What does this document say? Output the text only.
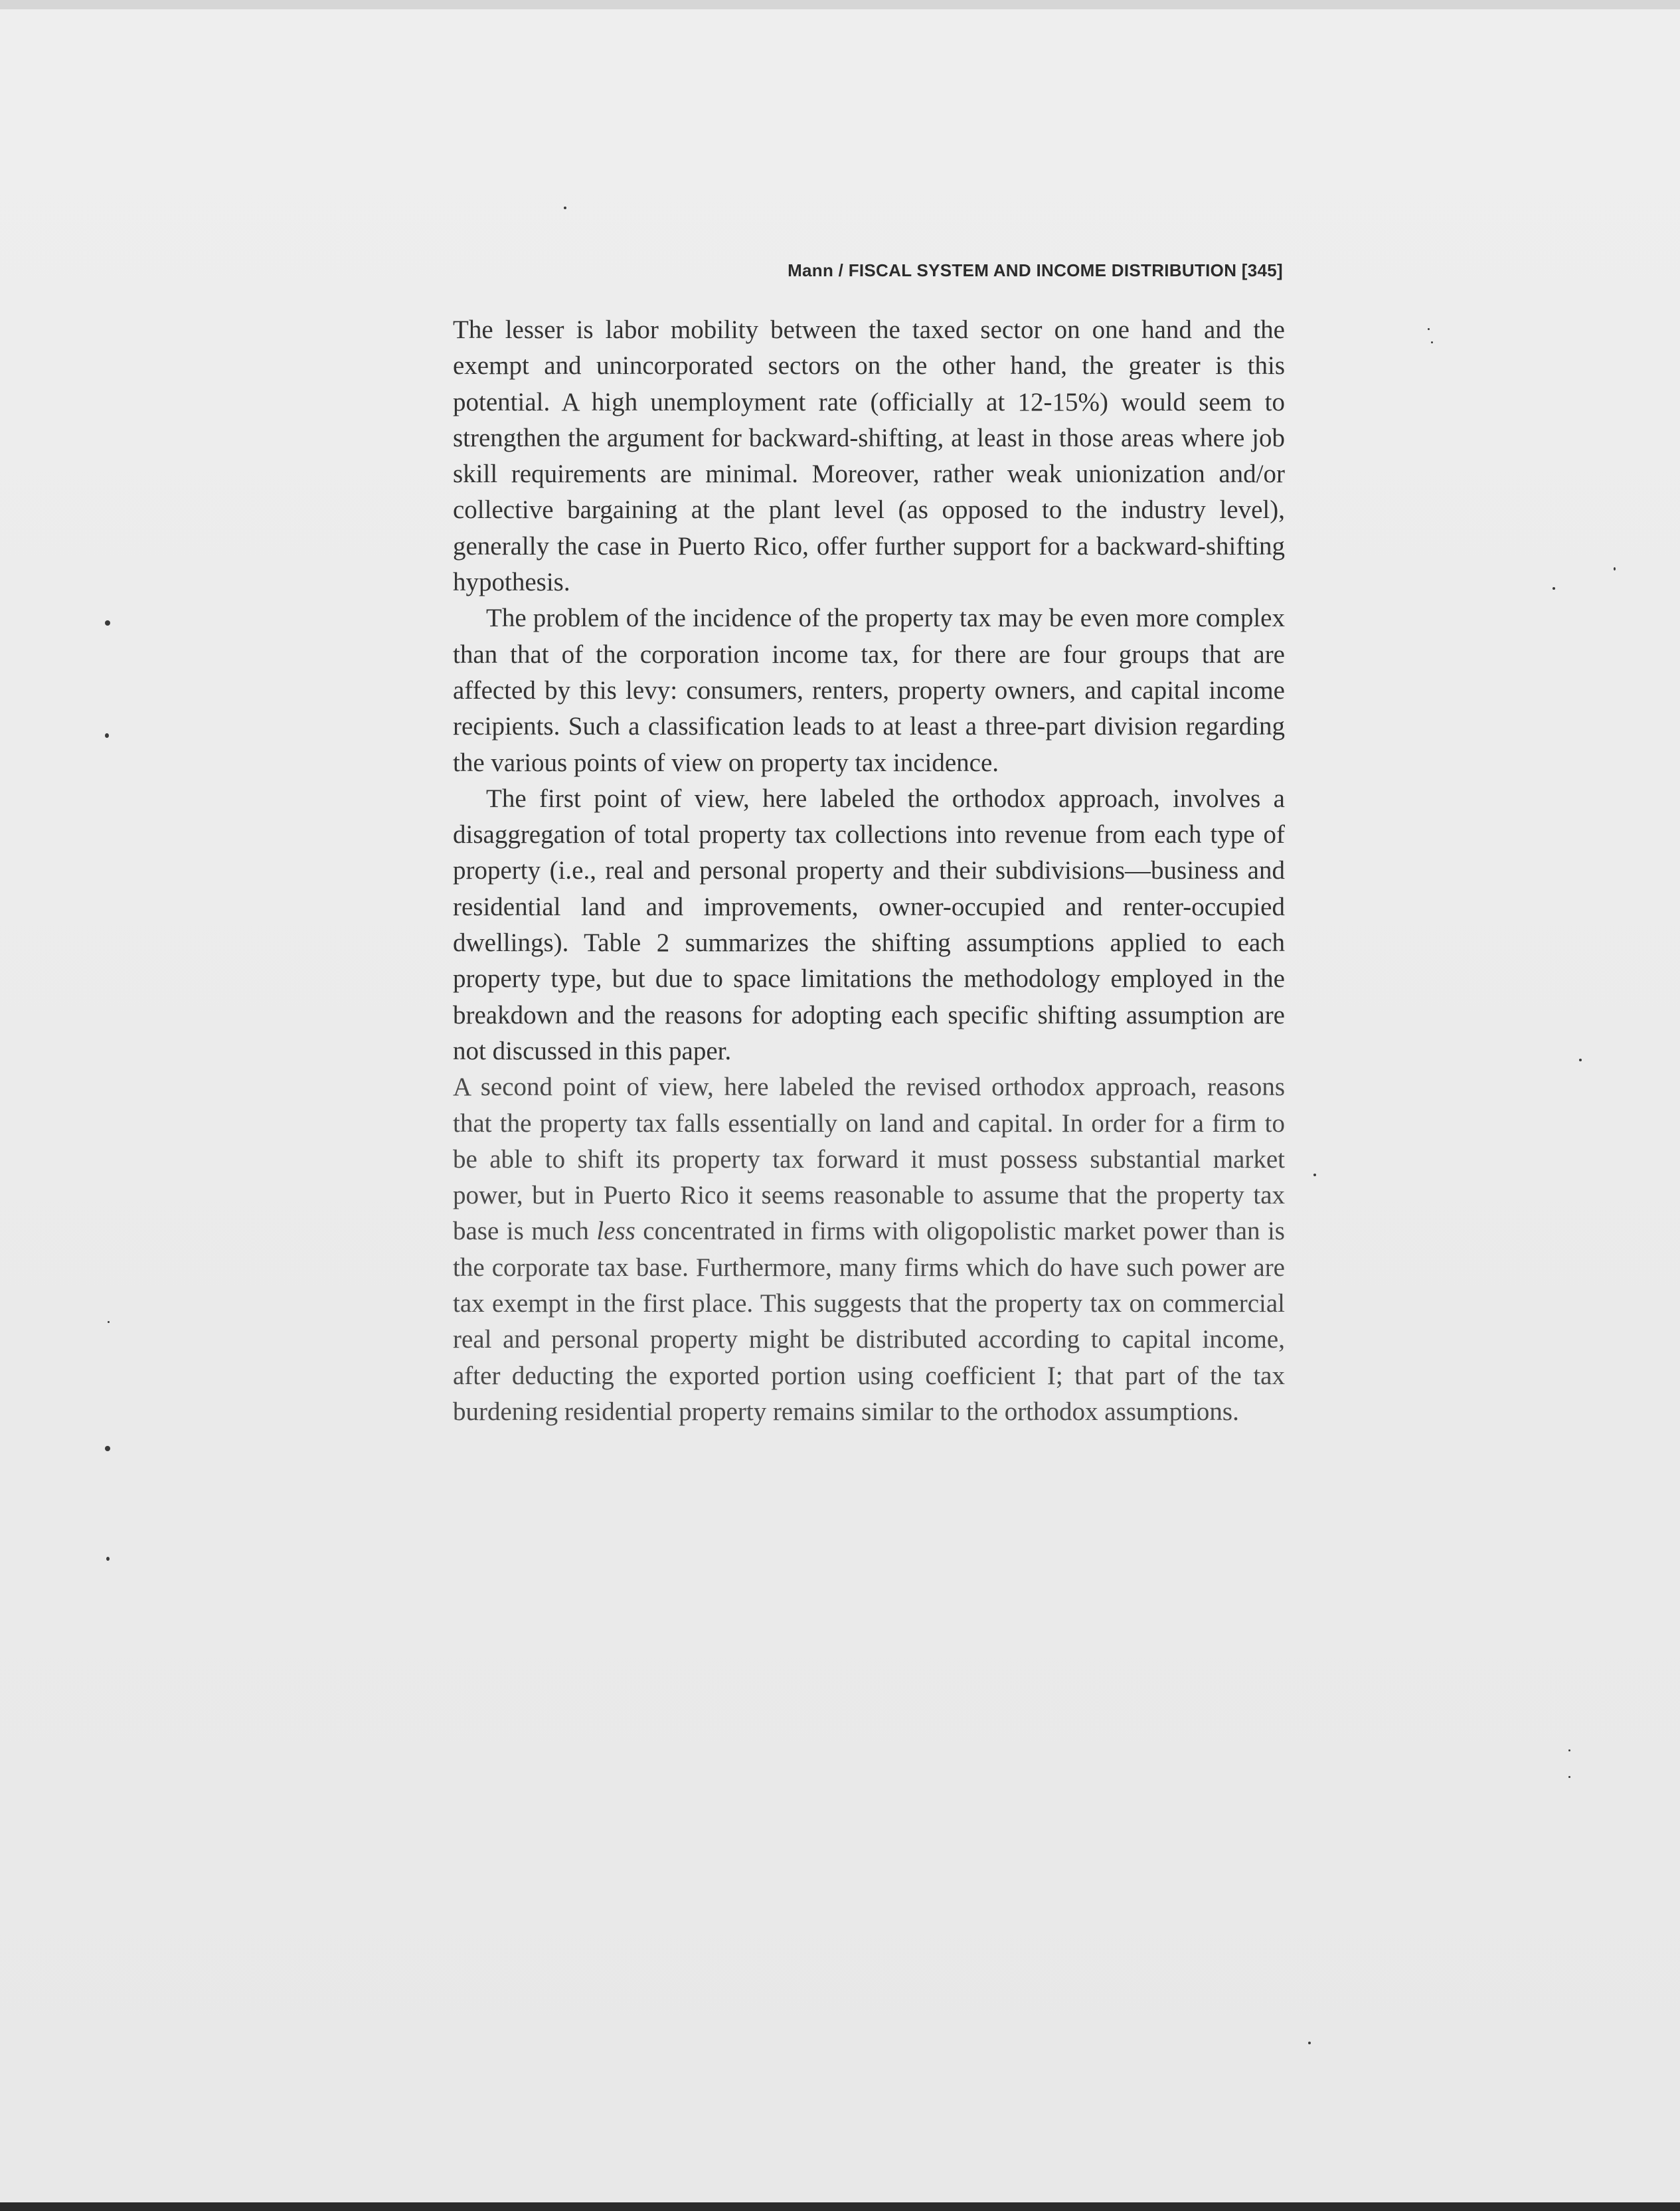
Mann / FISCAL SYSTEM AND INCOME DISTRIBUTION [345]

The lesser is labor mobility between the taxed sector on one hand and the exempt and unincorporated sectors on the other hand, the greater is this potential. A high unemployment rate (officially at 12-15%) would seem to strengthen the argument for backward-shifting, at least in those areas where job skill requirements are minimal. Moreover, rather weak unionization and/or collective bargaining at the plant level (as opposed to the industry level), generally the case in Puerto Rico, offer further support for a backward-shifting hypothesis.

The problem of the incidence of the property tax may be even more complex than that of the corporation income tax, for there are four groups that are affected by this levy: consumers, renters, property owners, and capital income recipients. Such a classification leads to at least a three-part division regarding the various points of view on property tax incidence.

The first point of view, here labeled the orthodox approach, involves a disaggregation of total property tax collections into revenue from each type of property (i.e., real and personal property and their subdivisions—business and residential land and improvements, owner-occupied and renter-occupied dwellings). Table 2 summarizes the shifting assumptions applied to each property type, but due to space limitations the methodology employed in the breakdown and the reasons for adopting each specific shifting assumption are not discussed in this paper.

A second point of view, here labeled the revised orthodox approach, reasons that the property tax falls essentially on land and capital. In order for a firm to be able to shift its property tax forward it must possess substantial market power, but in Puerto Rico it seems reasonable to assume that the property tax base is much less concentrated in firms with oligopolistic market power than is the corporate tax base. Furthermore, many firms which do have such power are tax exempt in the first place. This suggests that the property tax on commercial real and personal property might be distributed according to capital income, after deducting the exported portion using coefficient I; that part of the tax burdening residential property remains similar to the orthodox assumptions.
